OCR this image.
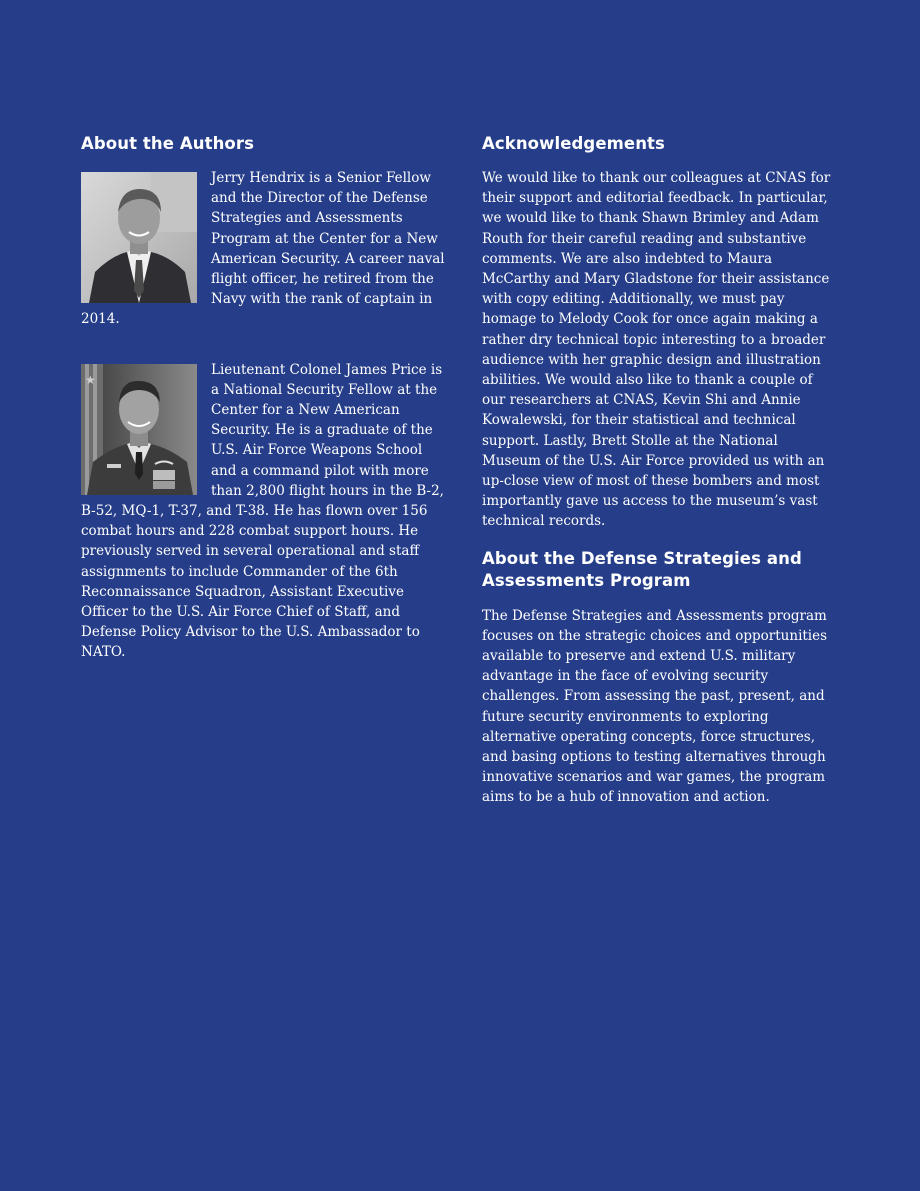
About the Authors

Jerry Hendrix is a Senior Fellow and the Director of the Defense Strategies and Assessments Program at the Center for a New American Security. A career naval flight officer, he retired from the Navy with the rank of captain in 2014.

★

Lieutenant Colonel James Price is a National Security Fellow at the Center for a New American Security. He is a graduate of the U.S. Air Force Weapons School and a command pilot with more than 2,800 flight hours in the B-2, B-52, MQ-1, T-37, and T-38. He has flown over 156 combat hours and 228 combat support hours. He previously served in several operational and staff assignments to include Commander of the 6th Reconnaissance Squadron, Assistant Executive Officer to the U.S. Air Force Chief of Staff, and Defense Policy Advisor to the U.S. Ambassador to NATO.

Acknowledgements

We would like to thank our colleagues at CNAS for their support and editorial feedback. In particular, we would like to thank Shawn Brimley and Adam Routh for their careful reading and substantive comments. We are also indebted to Maura McCarthy and Mary Gladstone for their assistance with copy editing. Additionally, we must pay homage to Melody Cook for once again making a rather dry technical topic interesting to a broader audience with her graphic design and illustration abilities. We would also like to thank a couple of our researchers at CNAS, Kevin Shi and Annie Kowalewski, for their statistical and technical support. Lastly, Brett Stolle at the National Museum of the U.S. Air Force provided us with an up-close view of most of these bombers and most importantly gave us access to the museum’s vast technical records.

About the Defense Strategies and Assessments Program

The Defense Strategies and Assessments program focuses on the strategic choices and opportunities available to preserve and extend U.S. military advantage in the face of evolving security challenges. From assessing the past, present, and future security environments to exploring alternative operating concepts, force structures, and basing options to testing alternatives through innovative scenarios and war games, the program aims to be a hub of innovation and action.
